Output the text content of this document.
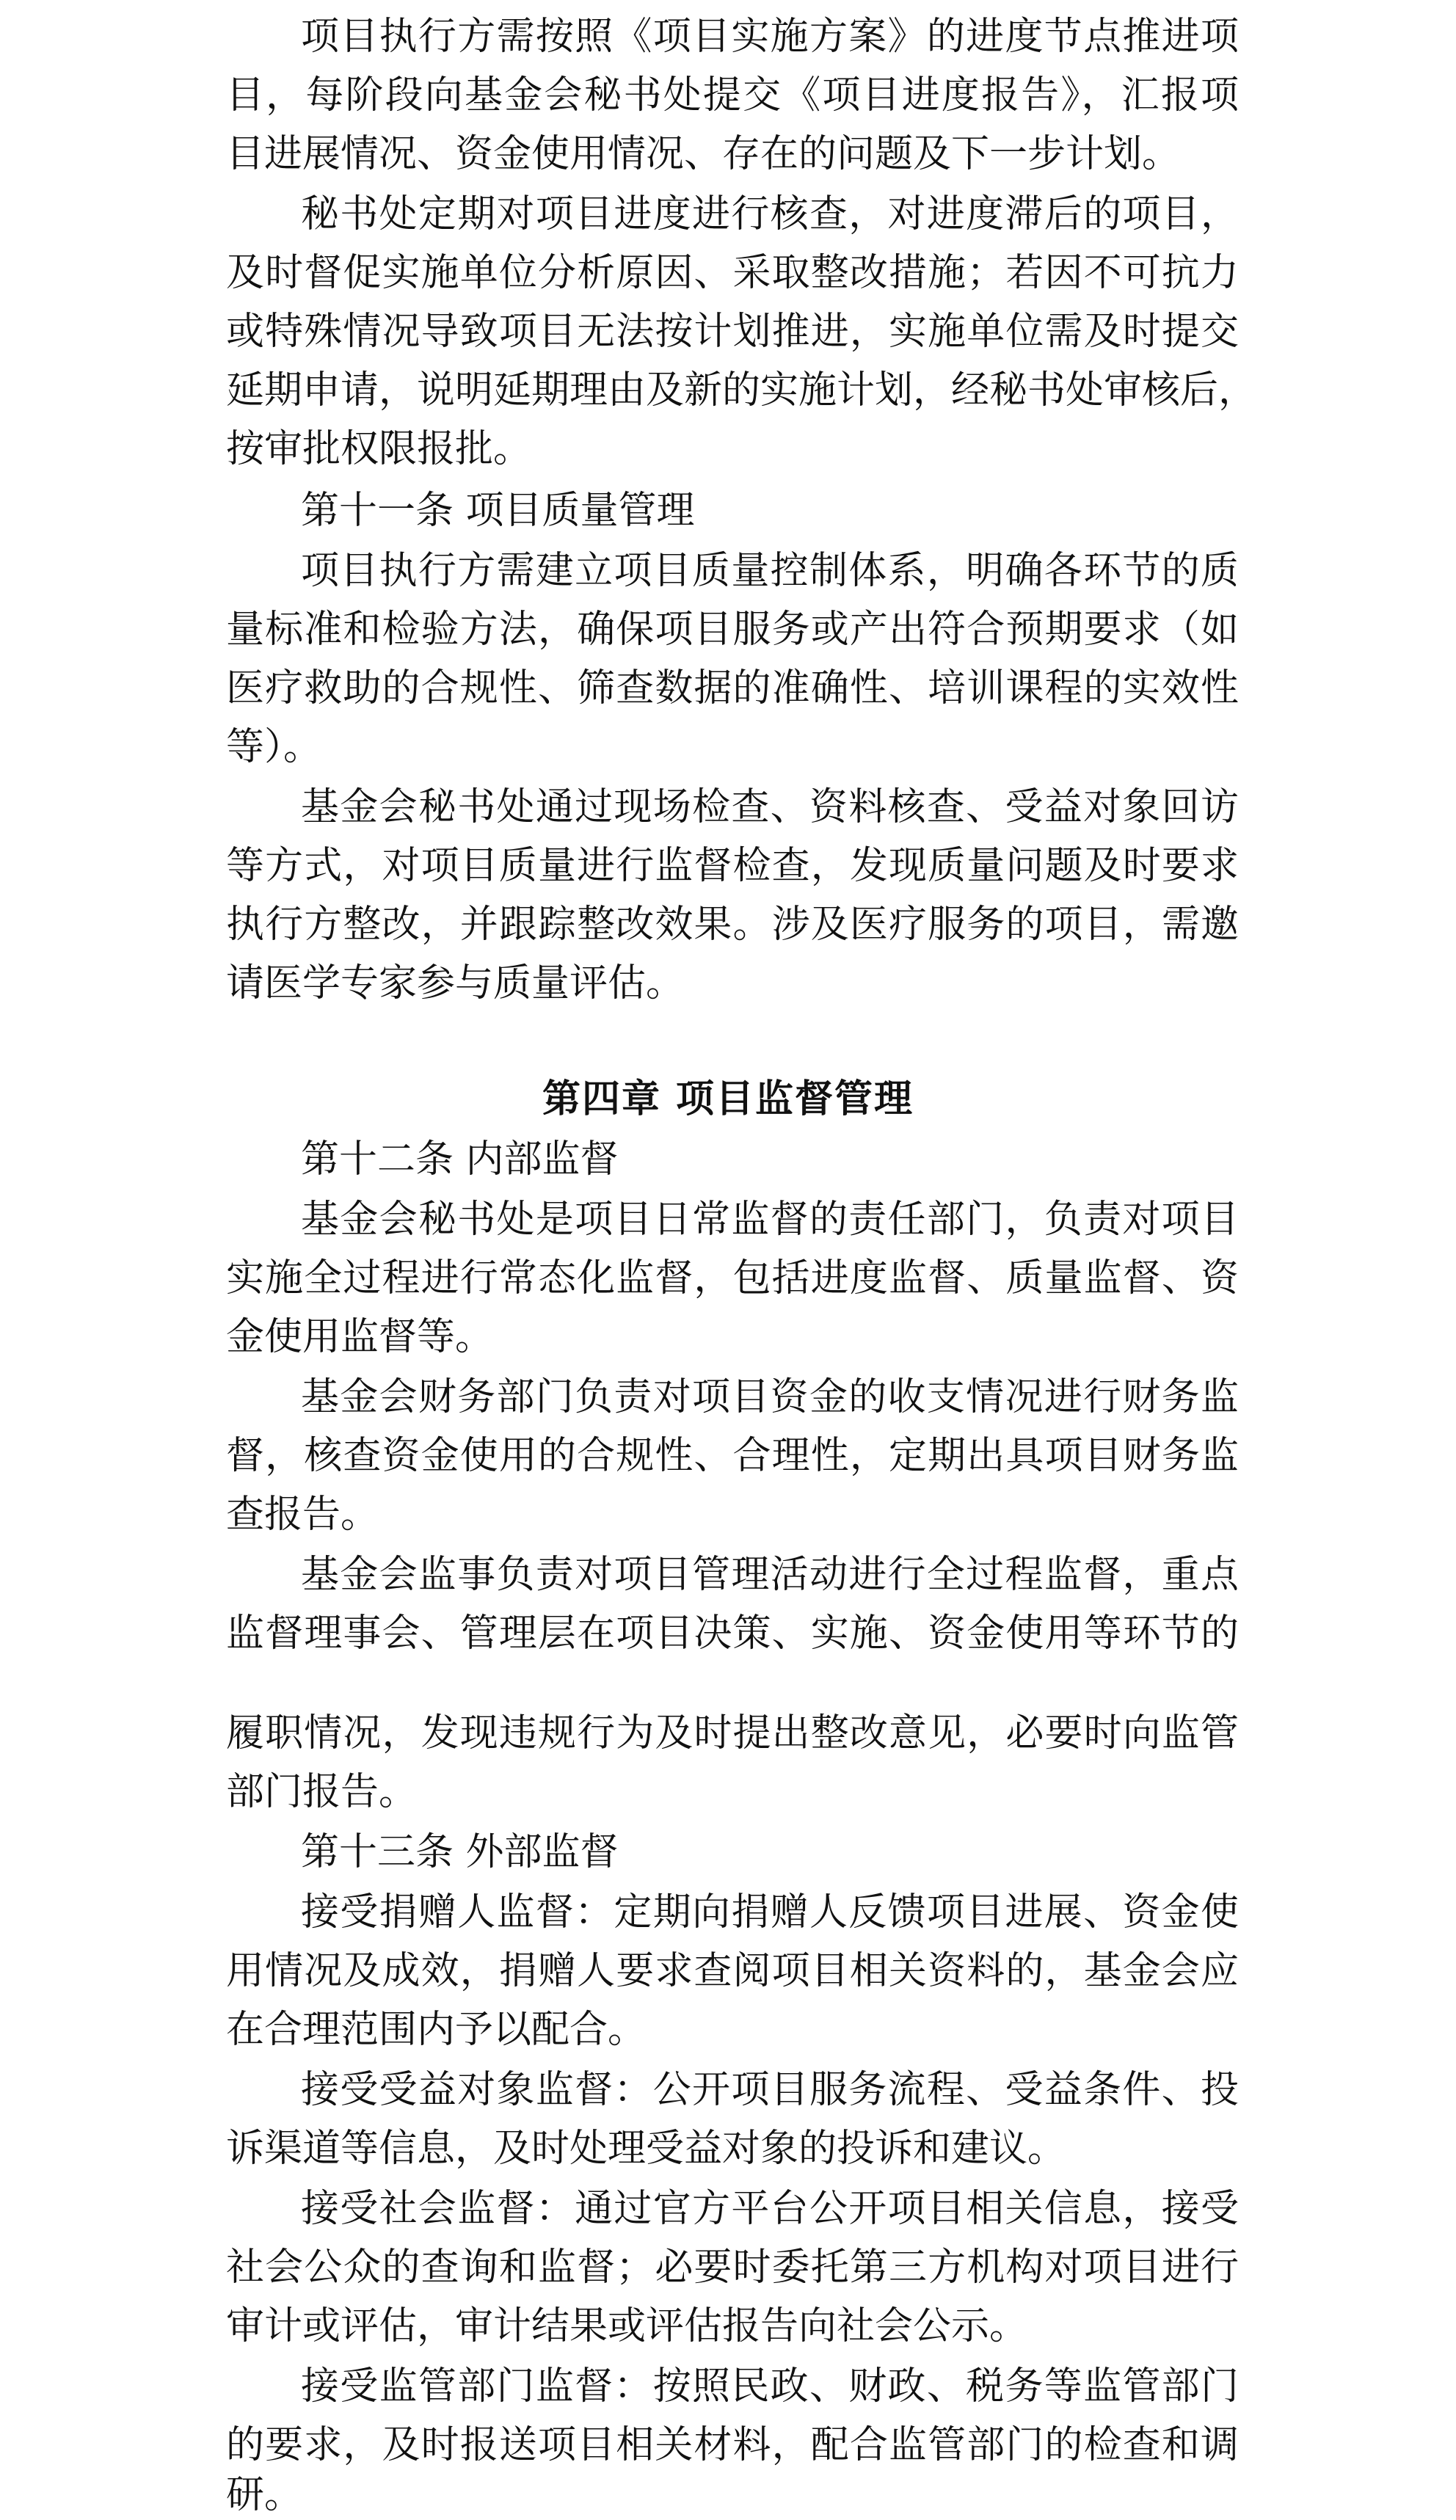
项目执行方需按照《项目实施方案》的进度节点推进项
目，每阶段向基金会秘书处提交《项目进度报告》，汇报项
目进展情况、资金使用情况、存在的问题及下一步计划。
秘书处定期对项目进度进行核查，对进度滞后的项目，
及时督促实施单位分析原因、采取整改措施；若因不可抗力
或特殊情况导致项目无法按计划推进，实施单位需及时提交
延期申请，说明延期理由及新的实施计划，经秘书处审核后，
按审批权限报批。
第十一条 项目质量管理
项目执行方需建立项目质量控制体系，明确各环节的质
量标准和检验方法，确保项目服务或产出符合预期要求（如
医疗救助的合规性、筛查数据的准确性、培训课程的实效性
等）。
基金会秘书处通过现场检查、资料核查、受益对象回访
等方式，对项目质量进行监督检查，发现质量问题及时要求
执行方整改，并跟踪整改效果。涉及医疗服务的项目，需邀
请医学专家参与质量评估。
第四章 项目监督管理
第十二条 内部监督
基金会秘书处是项目日常监督的责任部门，负责对项目
实施全过程进行常态化监督，包括进度监督、质量监督、资
金使用监督等。
基金会财务部门负责对项目资金的收支情况进行财务监
督，核查资金使用的合规性、合理性，定期出具项目财务监
查报告。
基金会监事负责对项目管理活动进行全过程监督，重点
监督理事会、管理层在项目决策、实施、资金使用等环节的
履职情况，发现违规行为及时提出整改意见，必要时向监管
部门报告。
第十三条 外部监督
接受捐赠人监督：定期向捐赠人反馈项目进展、资金使
用情况及成效，捐赠人要求查阅项目相关资料的，基金会应
在合理范围内予以配合。
接受受益对象监督：公开项目服务流程、受益条件、投
诉渠道等信息，及时处理受益对象的投诉和建议。
接受社会监督：通过官方平台公开项目相关信息，接受
社会公众的查询和监督；必要时委托第三方机构对项目进行
审计或评估，审计结果或评估报告向社会公示。
接受监管部门监督：按照民政、财政、税务等监管部门
的要求，及时报送项目相关材料，配合监管部门的检查和调
研。
